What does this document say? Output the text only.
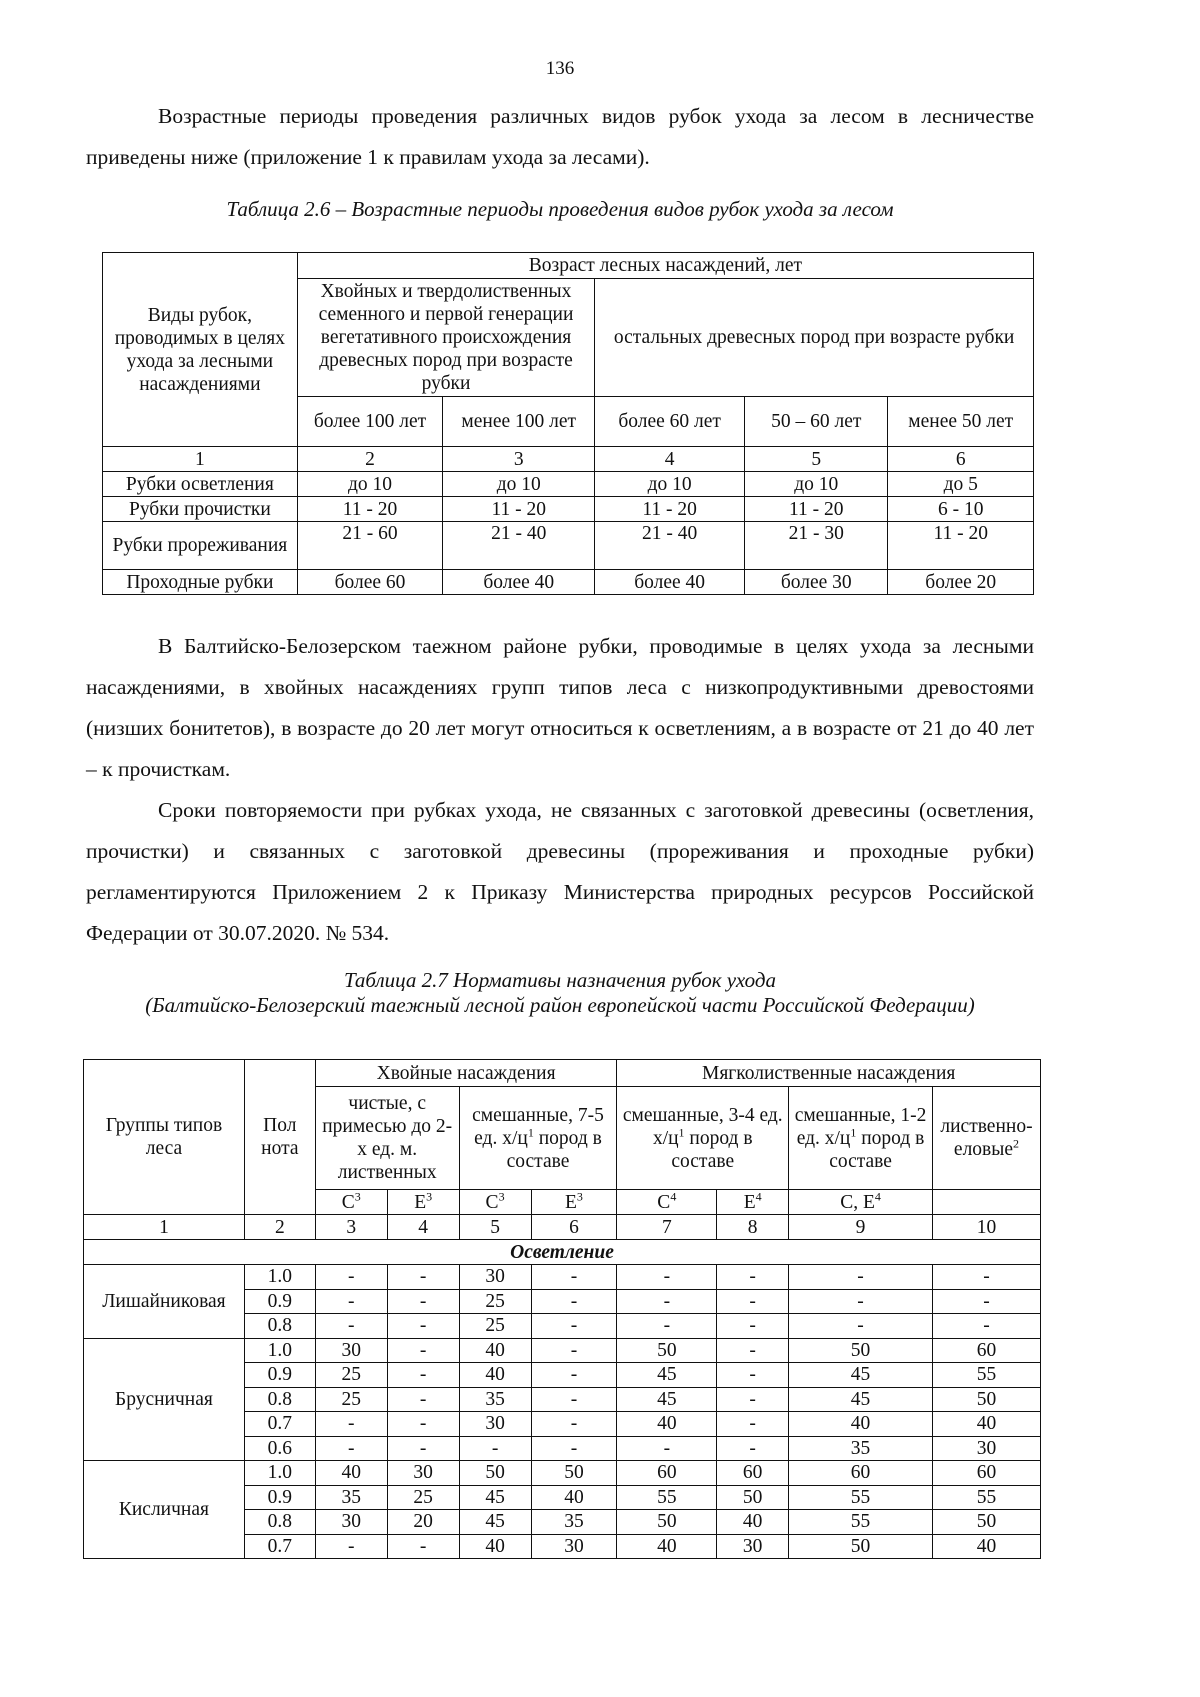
136

Возрастные периоды проведения различных видов рубок ухода за лесом в лесничестве приведены ниже (приложение 1 к правилам ухода за лесами).

Таблица 2.6 – Возрастные периоды проведения видов рубок ухода за лесом

Виды рубок, проводимых в целях ухода за лесными насаждениями	Возраст лесных насаждений, лет				
	Хвойных и твердолиственных семенного и первой генерации вегетативного происхождения древесных пород при возрасте рубки		остальных древесных пород при возрасте рубки		
	более 100 лет	менее 100 лет	более 60 лет	50 – 60 лет	менее 50 лет
1	2	3	4	5	6
Рубки осветления	до 10	до 10	до 10	до 10	до 5
Рубки прочистки	11 - 20	11 - 20	11 - 20	11 - 20	6 - 10
Рубки прореживания	21 - 60	21 - 40	21 - 40	21 - 30	11 - 20
Проходные рубки	более 60	более 40	более 40	более 30	более 20

В Балтийско-Белозерском таежном районе рубки, проводимые в целях ухода за лесными насаждениями, в хвойных насаждениях групп типов леса с низкопродуктивными древостоями (низших бонитетов), в возрасте до 20 лет могут относиться к осветлениям, а в возрасте от 21 до 40 лет – к прочисткам.

Сроки повторяемости при рубках ухода, не связанных с заготовкой древесины (осветления, прочистки) и связанных с заготовкой древесины (прореживания и проходные рубки) регламентируются Приложением 2 к Приказу Министерства природных ресурсов Российской Федерации от 30.07.2020. № 534.

Таблица 2.7 Нормативы назначения рубок ухода
(Балтийско-Белозерский таежный лесной район европейской части Российской Федерации)

Группы типов леса	Пол нота	Хвойные насаждения				Мягколиственные насаждения			
		чистые, с примесью до 2-х ед. м. лиственных		смешанные, 7-5 ед. $х/ц^1$ пород в составе		смешанные, 3-4 ед. $х/ц^1$ пород в составе		смешанные, 1-2 ед. $х/ц^1$ пород в составе	лиственно-еловые$^2$
		$С^3$	$Е^3$	$С^3$	$Е^3$	$С^4$	$Е^4$	С, $Е^4$	
1	2	3	4	5	6	7	8	9	10
Осветление									
Лишайниковая	1.0	-	-	30	-	-	-	-	-
	0.9	-	-	25	-	-	-	-	-
	0.8	-	-	25	-	-	-	-	-
Брусничная	1.0	30	-	40	-	50	-	50	60
	0.9	25	-	40	-	45	-	45	55
	0.8	25	-	35	-	45	-	45	50
	0.7	-	-	30	-	40	-	40	40
	0.6	-	-	-	-	-	-	35	30
Кисличная	1.0	40	30	50	50	60	60	60	60
	0.9	35	25	45	40	55	50	55	55
	0.8	30	20	45	35	50	40	55	50
	0.7	-	-	40	30	40	30	50	40
